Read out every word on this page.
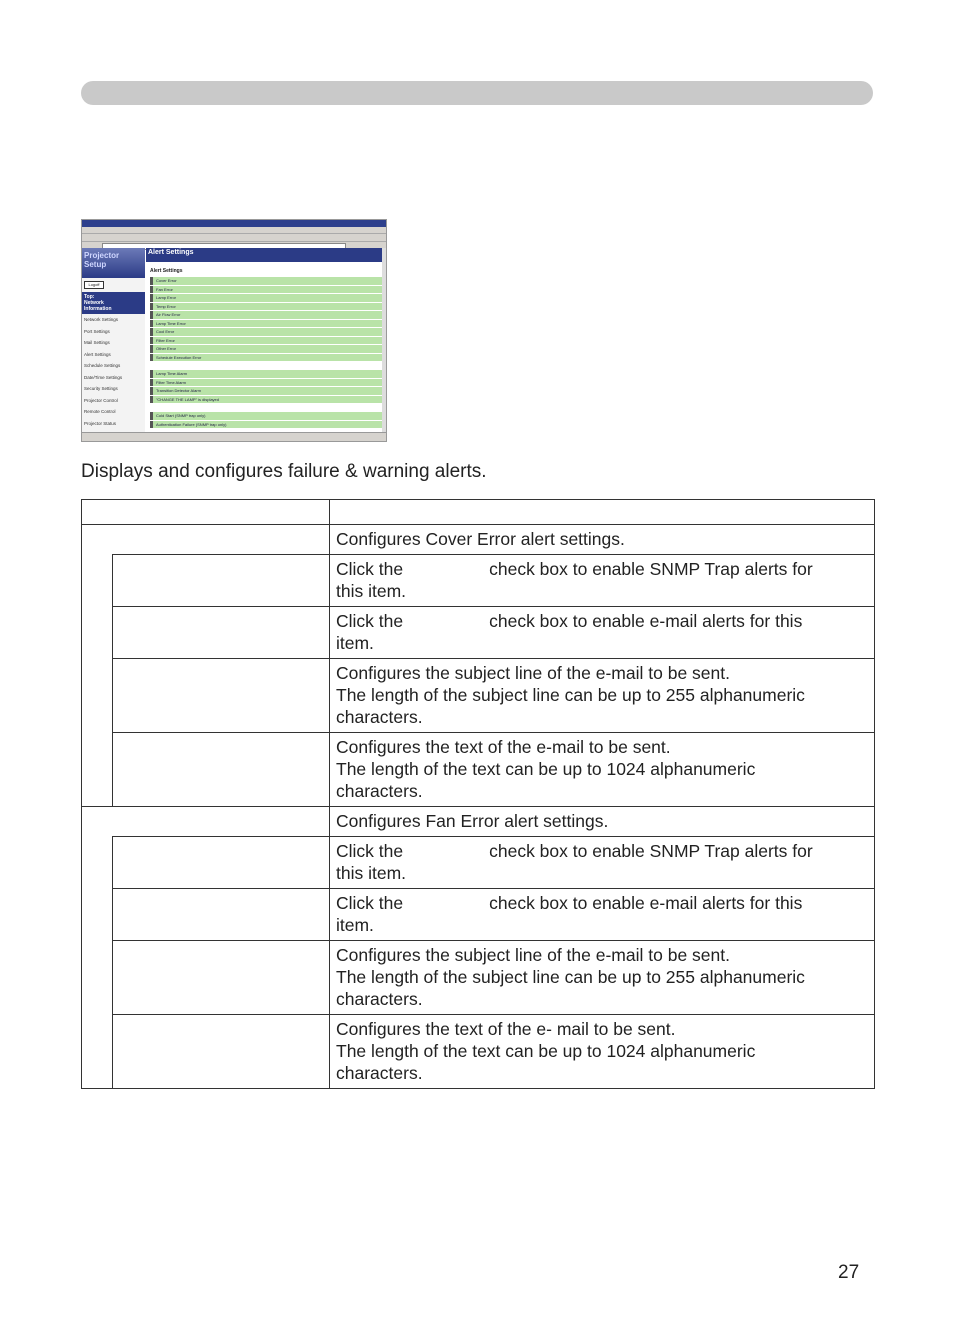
Projector Setup
Logoff
Top:
Network
Information
Network Settings
Port Settings
Mail Settings
Alert Settings
Schedule Settings
Date/Time Settings
Security Settings
Projector Control
Remote Control
Projector Status
Alert Settings
Alert Settings
Cover Error
Fan Error
Lamp Error
Temp Error
Air Flow Error
Lamp Time Error
Cool Error
Filter Error
Other Error
Schedule Execution Error
Lamp Time Alarm
Filter Time Alarm
Transition Detector Alarm
"CHANGE THE LAMP" is displayed
Cold Start (SNMP trap only)
Authentication Failure (SNMP trap only)
Displays and configures failure & warning alerts.

		Configures Cover Error alert settings.

		Click the check box to enable SNMP Trap alerts for
this item.

		Click the check box to enable e-mail alerts for this
item.

		Configures the subject line of the e-mail to be sent.
The length of the subject line can be up to 255 alphanumeric
characters.

		Configures the text of the e-mail to be sent.
The length of the text can be up to 1024 alphanumeric
characters.

		Configures Fan Error alert settings.

		Click the check box to enable SNMP Trap alerts for
this item.

		Click the check box to enable e-mail alerts for this
item.

		Configures the subject line of the e-mail to be sent.
The length of the subject line can be up to 255 alphanumeric
characters.

		Configures the text of the e- mail to be sent.
The length of the text can be up to 1024 alphanumeric
characters.
27
